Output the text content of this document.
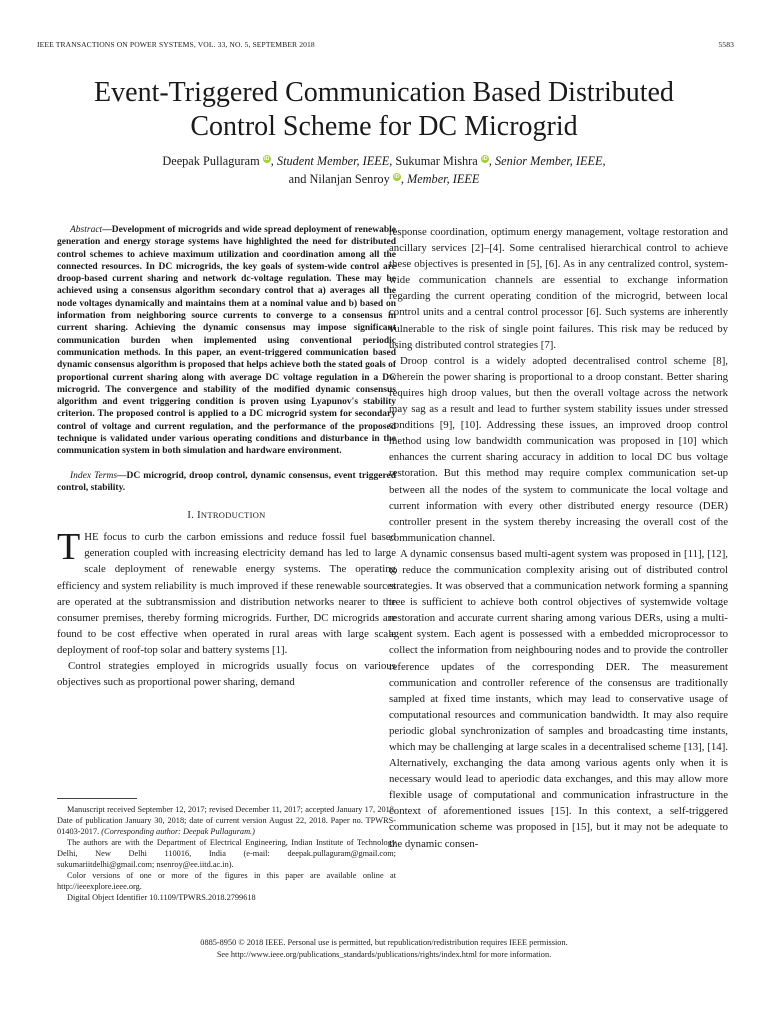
IEEE TRANSACTIONS ON POWER SYSTEMS, VOL. 33, NO. 5, SEPTEMBER 2018	5583
Event-Triggered Communication Based Distributed
Control Scheme for DC Microgrid
Deepak Pullaguram iD, Student Member, IEEE, Sukumar Mishra iD, Senior Member, IEEE,
and Nilanjan Senroy iD, Member, IEEE

Abstract—Development of microgrids and wide spread deployment of renewable generation and energy storage systems have highlighted the need for distributed control schemes to achieve maximum utilization and coordination among all the connected resources. In DC microgrids, the key goals of system-wide control are droop-based current sharing and network dc-voltage regulation. These may be achieved using a consensus algorithm secondary control that a) averages all the node voltages dynamically and maintains them at a nominal value and b) based on information from neighboring source currents to converge to a consensus in current sharing. Achieving the dynamic consensus may impose significant communication burden when implemented using conventional periodic communication methods. In this paper, an event-triggered communication based dynamic consensus algorithm is proposed that helps achieve both the stated goals of proportional current sharing along with average DC voltage regulation in a DC microgrid. The convergence and stability of the modified dynamic consensus algorithm and event triggering condition is proven using Lyapunov's stability criterion. The proposed control is applied to a DC microgrid system for secondary control of voltage and current regulation, and the performance of the proposed technique is validated under various operating conditions and disturbance in the communication system in both simulation and hardware environment.

Index Terms—DC microgrid, droop control, dynamic consensus, event triggered control, stability.

I. INTRODUCTION

THE focus to curb the carbon emissions and reduce fossil fuel based generation coupled with increasing electricity demand has led to large scale deployment of renewable energy systems. The operating efficiency and system reliability is much improved if these renewable sources are operated at the subtransmission and distribution networks nearer to the consumer premises, thereby forming microgrids. Further, DC microgrids are found to be cost effective when operated in rural areas with large scale deployment of roof-top solar and battery systems [1].

Control strategies employed in microgrids usually focus on various objectives such as proportional power sharing, demand

Manuscript received September 12, 2017; revised December 11, 2017; accepted January 17, 2018. Date of publication January 30, 2018; date of current version August 22, 2018. Paper no. TPWRS-01403-2017. (Corresponding author: Deepak Pullaguram.)

The authors are with the Department of Electrical Engineering, Indian Institute of Technology Delhi, New Delhi 110016, India (e-mail: deepak.pullaguram@gmail.com; sukumariitdelhi@gmail.com; nsenroy@ee.iitd.ac.in).

Color versions of one or more of the figures in this paper are available online at http://ieeexplore.ieee.org.

Digital Object Identifier 10.1109/TPWRS.2018.2799618

response coordination, optimum energy management, voltage restoration and ancillary services [2]–[4]. Some centralised hierarchical control to achieve these objectives is presented in [5], [6]. As in any centralized control, system-wide communication channels are essential to exchange information regarding the current operating condition of the microgrid, between local control units and a central control processor [6]. Such systems are inherently vulnerable to the risk of single point failures. This risk may be reduced by using distributed control strategies [7].

Droop control is a widely adopted decentralised control scheme [8], wherein the power sharing is proportional to a droop constant. Better sharing requires high droop values, but then the overall voltage across the network may sag as a result and lead to further system stability issues under stressed conditions [9], [10]. Addressing these issues, an improved droop control method using low bandwidth communication was proposed in [10] which enhances the current sharing accuracy in addition to local DC bus voltage restoration. But this method may require complex communication set-up between all the nodes of the system to communicate the local voltage and current information with every other distributed energy resource (DER) controller present in the system thereby increasing the overall cost of the communication channel.

A dynamic consensus based multi-agent system was proposed in [11], [12], to reduce the communication complexity arising out of distributed control strategies. It was observed that a communication network forming a spanning tree is sufficient to achieve both control objectives of systemwide voltage restoration and accurate current sharing among various DERs, using a multi-agent system. Each agent is possessed with a embedded microprocessor to collect the information from neighbouring nodes and to provide the controller reference updates of the corresponding DER. The measurement communication and controller reference of the consensus are traditionally sampled at fixed time instants, which may lead to conservative usage of computational resources and communication bandwidth. It may also require periodic global synchronization of samples and broadcasting time instants, which may be challenging at large scales in a decentralised scheme [13], [14]. Alternatively, exchanging the data among various agents only when it is necessary would lead to aperiodic data exchanges, and this may allow more flexible usage of computational and communication infrastructure in the context of aforementioned issues [15]. In this context, a self-triggered communication scheme was proposed in [15], but it may not be adequate to the dynamic consen-

0885-8950 © 2018 IEEE. Personal use is permitted, but republication/redistribution requires IEEE permission.
See http://www.ieee.org/publications_standards/publications/rights/index.html for more information.
